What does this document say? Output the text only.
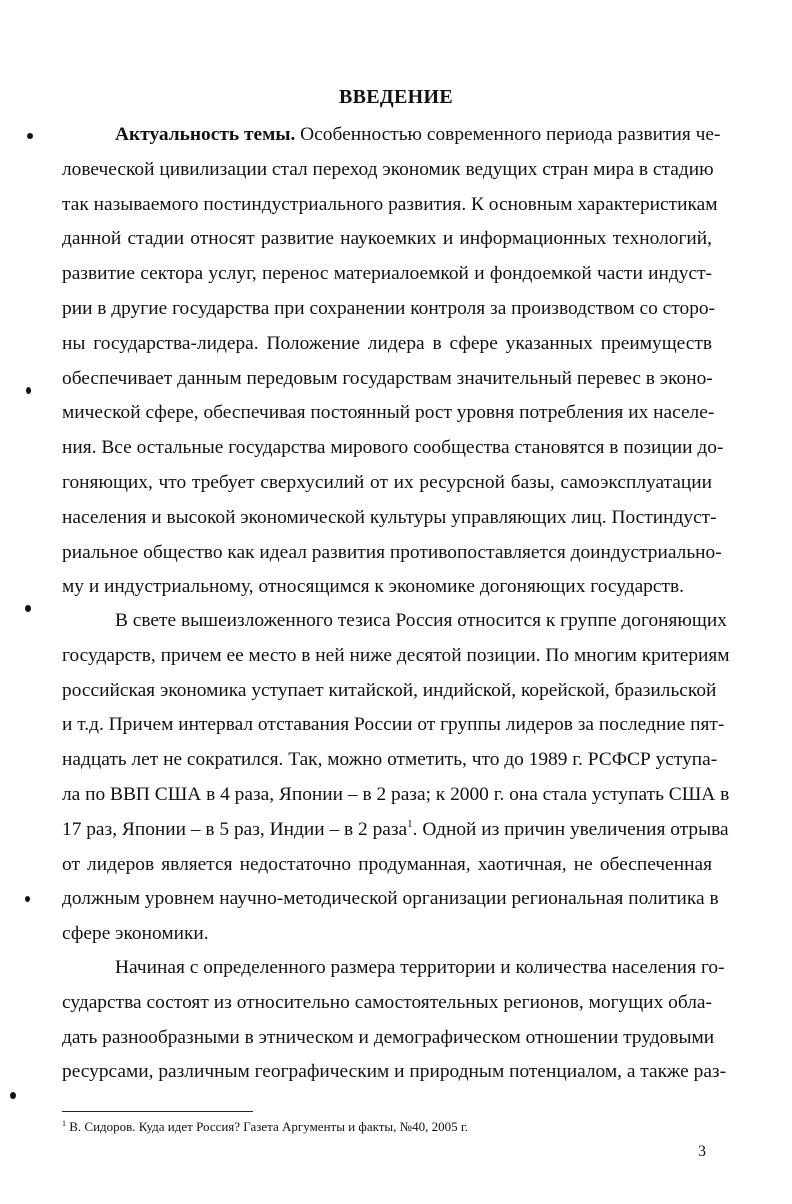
ВВЕДЕНИЕ
Актуальность темы. Особенностью современного периода развития че-
ловеческой цивилизации стал переход экономик ведущих стран мира в стадию
так называемого постиндустриального развития. К основным характеристикам
данной стадии относят развитие наукоемких и информационных технологий,
развитие сектора услуг, перенос материалоемкой и фондоемкой части индуст-
рии в другие государства при сохранении контроля за производством со сторо-
ны государства-лидера. Положение лидера в сфере указанных преимуществ
обеспечивает данным передовым государствам значительный перевес в эконо-
мической сфере, обеспечивая постоянный рост уровня потребления их населе-
ния. Все остальные государства мирового сообщества становятся в позиции до-
гоняющих, что требует сверхусилий от их ресурсной базы, самоэксплуатации
населения и высокой экономической культуры управляющих лиц. Постиндуст-
риальное общество как идеал развития противопоставляется доиндустриально-
му и индустриальному, относящимся к экономике догоняющих государств.
В свете вышеизложенного тезиса Россия относится к группе догоняющих
государств, причем ее место в ней ниже десятой позиции. По многим критериям
российская экономика уступает китайской, индийской, корейской, бразильской
и т.д. Причем интервал отставания России от группы лидеров за последние пят-
надцать лет не сократился. Так, можно отметить, что до 1989 г. РСФСР уступа-
ла по ВВП США в 4 раза, Японии – в 2 раза; к 2000 г. она стала уступать США в
17 раз, Японии – в 5 раз, Индии – в 2 раза$^1$. Одной из причин увеличения отрыва
от лидеров является недостаточно продуманная, хаотичная, не обеспеченная
должным уровнем научно-методической организации региональная политика в
сфере экономики.
Начиная с определенного размера территории и количества населения го-
сударства состоят из относительно самостоятельных регионов, могущих обла-
дать разнообразными в этническом и демографическом отношении трудовыми
ресурсами, различным географическим и природным потенциалом, а также раз-
$^1$ В. Сидоров. Куда идет Россия? Газета Аргументы и факты, №40, 2005 г.
3
